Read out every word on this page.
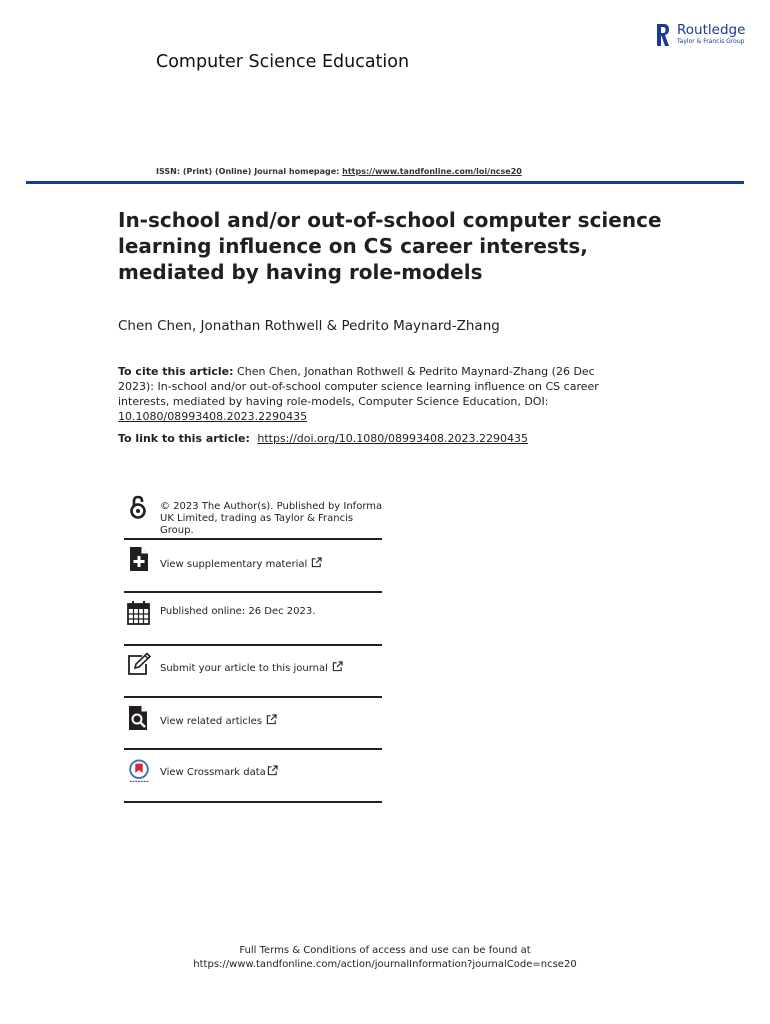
Computer Science Education
Routledge
Taylor & Francis Group
ISSN: (Print) (Online) Journal homepage: https://www.tandfonline.com/loi/ncse20
In-school and/or out-of-school computer science learning influence on CS career interests, mediated by having role-models
Chen Chen, Jonathan Rothwell & Pedrito Maynard-Zhang
To cite this article: Chen Chen, Jonathan Rothwell & Pedrito Maynard-Zhang (26 Dec 2023): In-school and/or out-of-school computer science learning influence on CS career interests, mediated by having role-models, Computer Science Education, DOI: 10.1080/08993408.2023.2290435
To link to this article: https://doi.org/10.1080/08993408.2023.2290435
© 2023 The Author(s). Published by Informa UK Limited, trading as Taylor & Francis Group.
View supplementary material
Published online: 26 Dec 2023.
Submit your article to this journal
View related articles
View Crossmark data
Full Terms & Conditions of access and use can be found at
https://www.tandfonline.com/action/journalInformation?journalCode=ncse20
